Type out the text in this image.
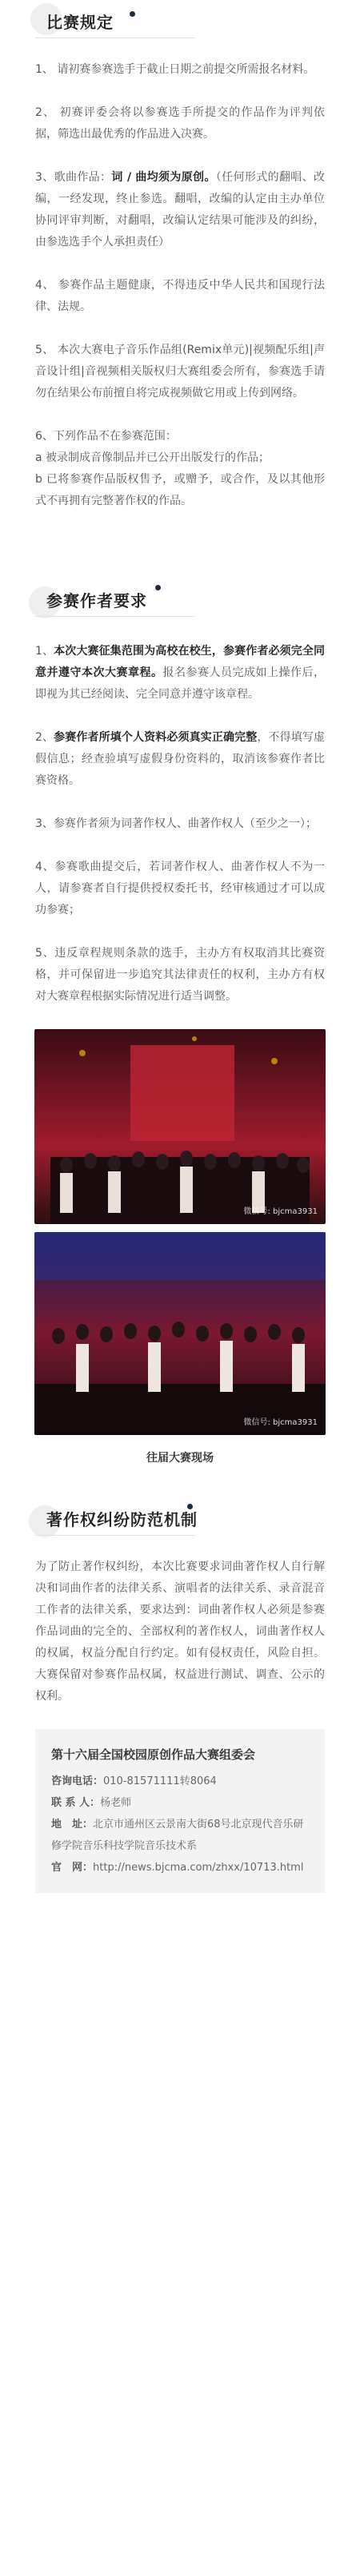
比赛规定

1、 请初赛参赛选手于截止日期之前提交所需报名材料。

2、 初赛评委会将以参赛选手所提交的作品作为评判依据，筛选出最优秀的作品进入决赛。

3、歌曲作品：词 / 曲均须为原创。（任何形式的翻唱、改编，一经发现，终止参选。翻唱，改编的认定由主办单位协同评审判断，对翻唱，改编认定结果可能涉及的纠纷，由参选选手个人承担责任）

4、 参赛作品主题健康，不得违反中华人民共和国现行法律、法规。

5、 本次大赛电子音乐作品组(Remix单元)|视频配乐组|声音设计组|音视频相关版权归大赛组委会所有，参赛选手请勿在结果公布前擅自将完成视频做它用或上传到网络。

6、下列作品不在参赛范围：

a 被录制成音像制品并已公开出版发行的作品；

b 已将参赛作品版权售予，或赠予，或合作，及以其他形式不再拥有完整著作权的作品。

参赛作者要求

1、本次大赛征集范围为高校在校生，参赛作者必须完全同意并遵守本次大赛章程。报名参赛人员完成如上操作后，即视为其已经阅读、完全同意并遵守该章程。

2、参赛作者所填个人资料必须真实正确完整，不得填写虚假信息；经查验填写虚假身份资料的，取消该参赛作者比赛资格。

3、参赛作者须为词著作权人、曲著作权人（至少之一）；

4、参赛歌曲提交后，若词著作权人、曲著作权人不为一人，请参赛者自行提供授权委托书，经审核通过才可以成功参赛；

5、违反章程规则条款的选手，主办方有权取消其比赛资格，并可保留进一步追究其法律责任的权利，主办方有权对大赛章程根据实际情况进行适当调整。

微信号: bjcma3931
微信号: bjcma3931
往届大赛现场
著作权纠纷防范机制

为了防止著作权纠纷，本次比赛要求词曲著作权人自行解决和词曲作者的法律关系、演唱者的法律关系、录音混音工作者的法律关系，要求达到：词曲著作权人必须是参赛作品词曲的完全的、全部权利的著作权人，词曲著作权人的权属，权益分配自行约定。如有侵权责任，风险自担。大赛保留对参赛作品权属，权益进行测试、调查、公示的权利。

第十六届全国校园原创作品大赛组委会
咨询电话：010-81571111转8064
联 系 人：杨老师
地　址：北京市通州区云景南大街68号北京现代音乐研修学院音乐科技学院音乐技术系
官　网：http://news.bjcma.com/zhxx/10713.html
